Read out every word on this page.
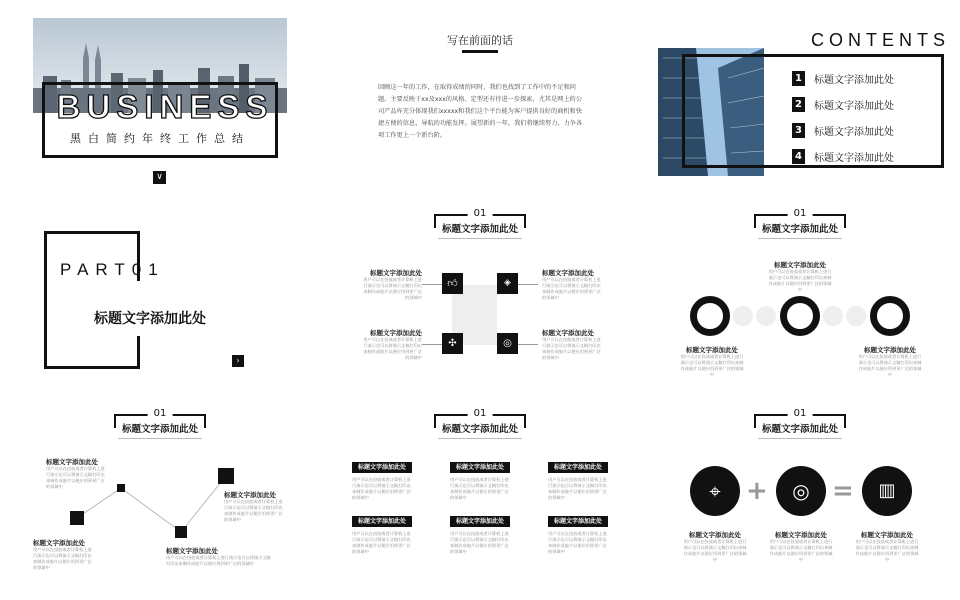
BUSINESS
黑白简约年终工作总结
∨
写在前面的话
回顾这一年的工作，在取得成绩的同时，我们也找到了工作中的不足和问题。主要反映于xx及xxx的风格、定型还有待进一步探索，尤其是网上的公司产品库充分体现我们xxxxx和我们这个平台能为客户提供良好的商机和快捷方便的信息，导航的功能发挥。展望新的一年，我们将继续努力，力争各项工作更上一个新台阶。
CONTENTS
1	标题文字添加此处
2	标题文字添加此处
3	标题文字添加此处
4	标题文字添加此处
PART01
标题文字添加此处
›
01
标题文字添加此处
👍︎	◈
✣	◎
标题文字添加此处
用户可以在投放或者计算机上进行演示也可以将演示文稿打印出来制作成胶片以便应用到更广泛的领域中
标题文字添加此处
用户可以在投放或者计算机上进行演示也可以将演示文稿打印出来制作成胶片以便应用到更广泛的领域中
标题文字添加此处
用户可以在投放或者计算机上进行演示也可以将演示文稿打印出来制作成胶片以便应用到更广泛的领域中
标题文字添加此处
用户可以在投放或者计算机上进行演示也可以将演示文稿打印出来制作成胶片以便应用到更广泛的领域中
01
标题文字添加此处
标题文字添加此处
用户可以在投放或者计算机上进行演示也可以将演示文稿打印出来制作成胶片以便应用到更广泛的领域中
标题文字添加此处
用户可以在投放或者计算机上进行演示也可以将演示文稿打印出来制作成胶片以便应用到更广泛的领域中
标题文字添加此处
用户可以在投放或者计算机上进行演示也可以将演示文稿打印出来制作成胶片以便应用到更广泛的领域中
01
标题文字添加此处
标题文字添加此处
用户可以在投放或者计算机上进行演示也可以将演示文稿打印出来制作成胶片以便应用到更广泛的领域中
标题文字添加此处
用户可以在投放或者计算机上进行演示也可以将演示文稿打印出来制作成胶片以便应用到更广泛的领域中
标题文字添加此处
用户可以在投放或者计算机上进行演示也可以将演示文稿打印出来制作成胶片以便应用到更广泛的领域中
标题文字添加此处
用户可以在投放或者计算机上进行演示也可以将演示文稿打印出来制作成胶片以便应用到更广泛的领域中
01
标题文字添加此处
标题文字添加此处
用户可以在投放或者计算机上进行演示也可以将演示文稿打印出来制作成胶片以便应用到更广泛的领域中
标题文字添加此处
用户可以在投放或者计算机上进行演示也可以将演示文稿打印出来制作成胶片以便应用到更广泛的领域中
标题文字添加此处
用户可以在投放或者计算机上进行演示也可以将演示文稿打印出来制作成胶片以便应用到更广泛的领域中
标题文字添加此处
用户可以在投放或者计算机上进行演示也可以将演示文稿打印出来制作成胶片以便应用到更广泛的领域中
标题文字添加此处
用户可以在投放或者计算机上进行演示也可以将演示文稿打印出来制作成胶片以便应用到更广泛的领域中
标题文字添加此处
用户可以在投放或者计算机上进行演示也可以将演示文稿打印出来制作成胶片以便应用到更广泛的领域中
01
标题文字添加此处
⌖ +	◎ =	▥
标题文字添加此处
用户可以在投放或者计算机上进行演示也可以将演示文稿打印出来制作成胶片以便应用到更广泛的领域中
标题文字添加此处
用户可以在投放或者计算机上进行演示也可以将演示文稿打印出来制作成胶片以便应用到更广泛的领域中
标题文字添加此处
用户可以在投放或者计算机上进行演示也可以将演示文稿打印出来制作成胶片以便应用到更广泛的领域中
